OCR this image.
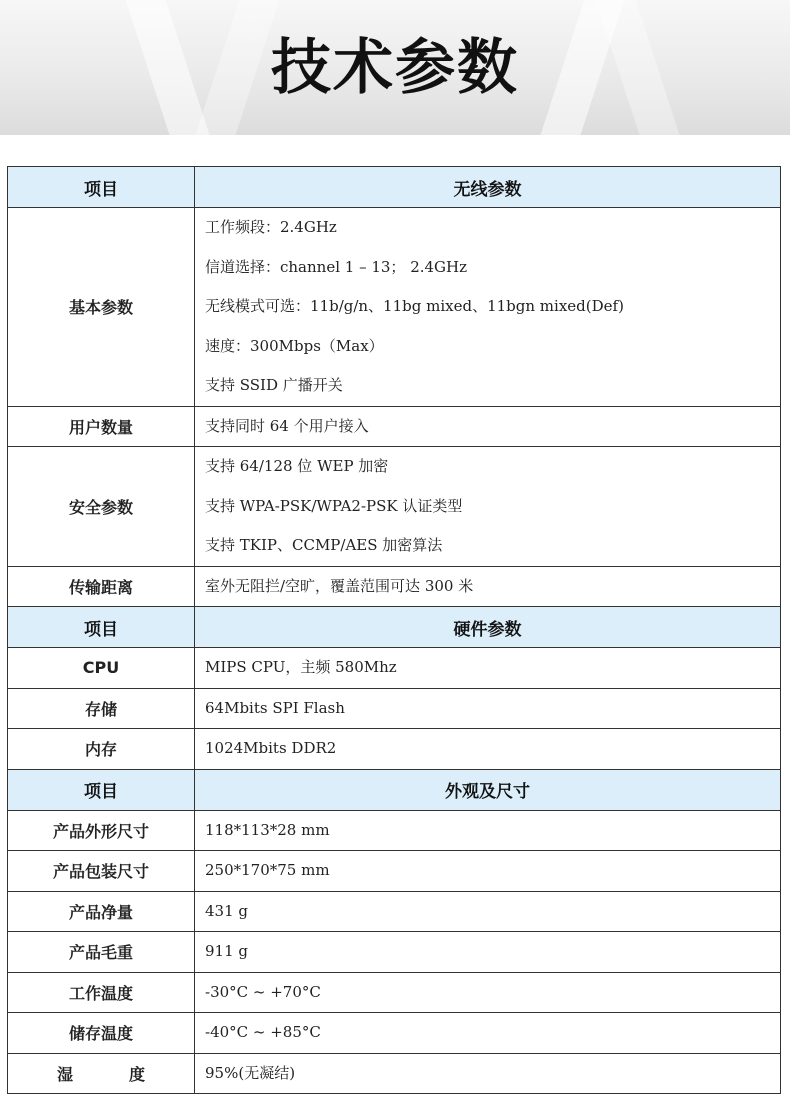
技术参数
项目	无线参数
基本参数	工作频段：2.4GHz
信道选择：channel 1 – 13； 2.4GHz
无线模式可选：11b/g/n、11bg mixed、11bgn mixed(Def)
速度：300Mbps（Max）
支持 SSID 广播开关

用户数量	支持同时 64 个用户接入

安全参数	支持 64/128 位 WEP 加密
支持 WPA-PSK/WPA2-PSK 认证类型
支持 TKIP、CCMP/AES 加密算法

传输距离	室外无阻拦/空旷，覆盖范围可达 300 米

项目	硬件参数
CPU	MIPS CPU，主频 580Mhz

存储	64Mbits SPI Flash

内存	1024Mbits DDR2

项目	外观及尺寸
产品外形尺寸	118*113*28 mm

产品包装尺寸	250*170*75 mm

产品净量	431 g

产品毛重	911 g

工作温度	-30°C ~ +70°C

储存温度	-40°C ~ +85°C

湿 度	95%(无凝结)
